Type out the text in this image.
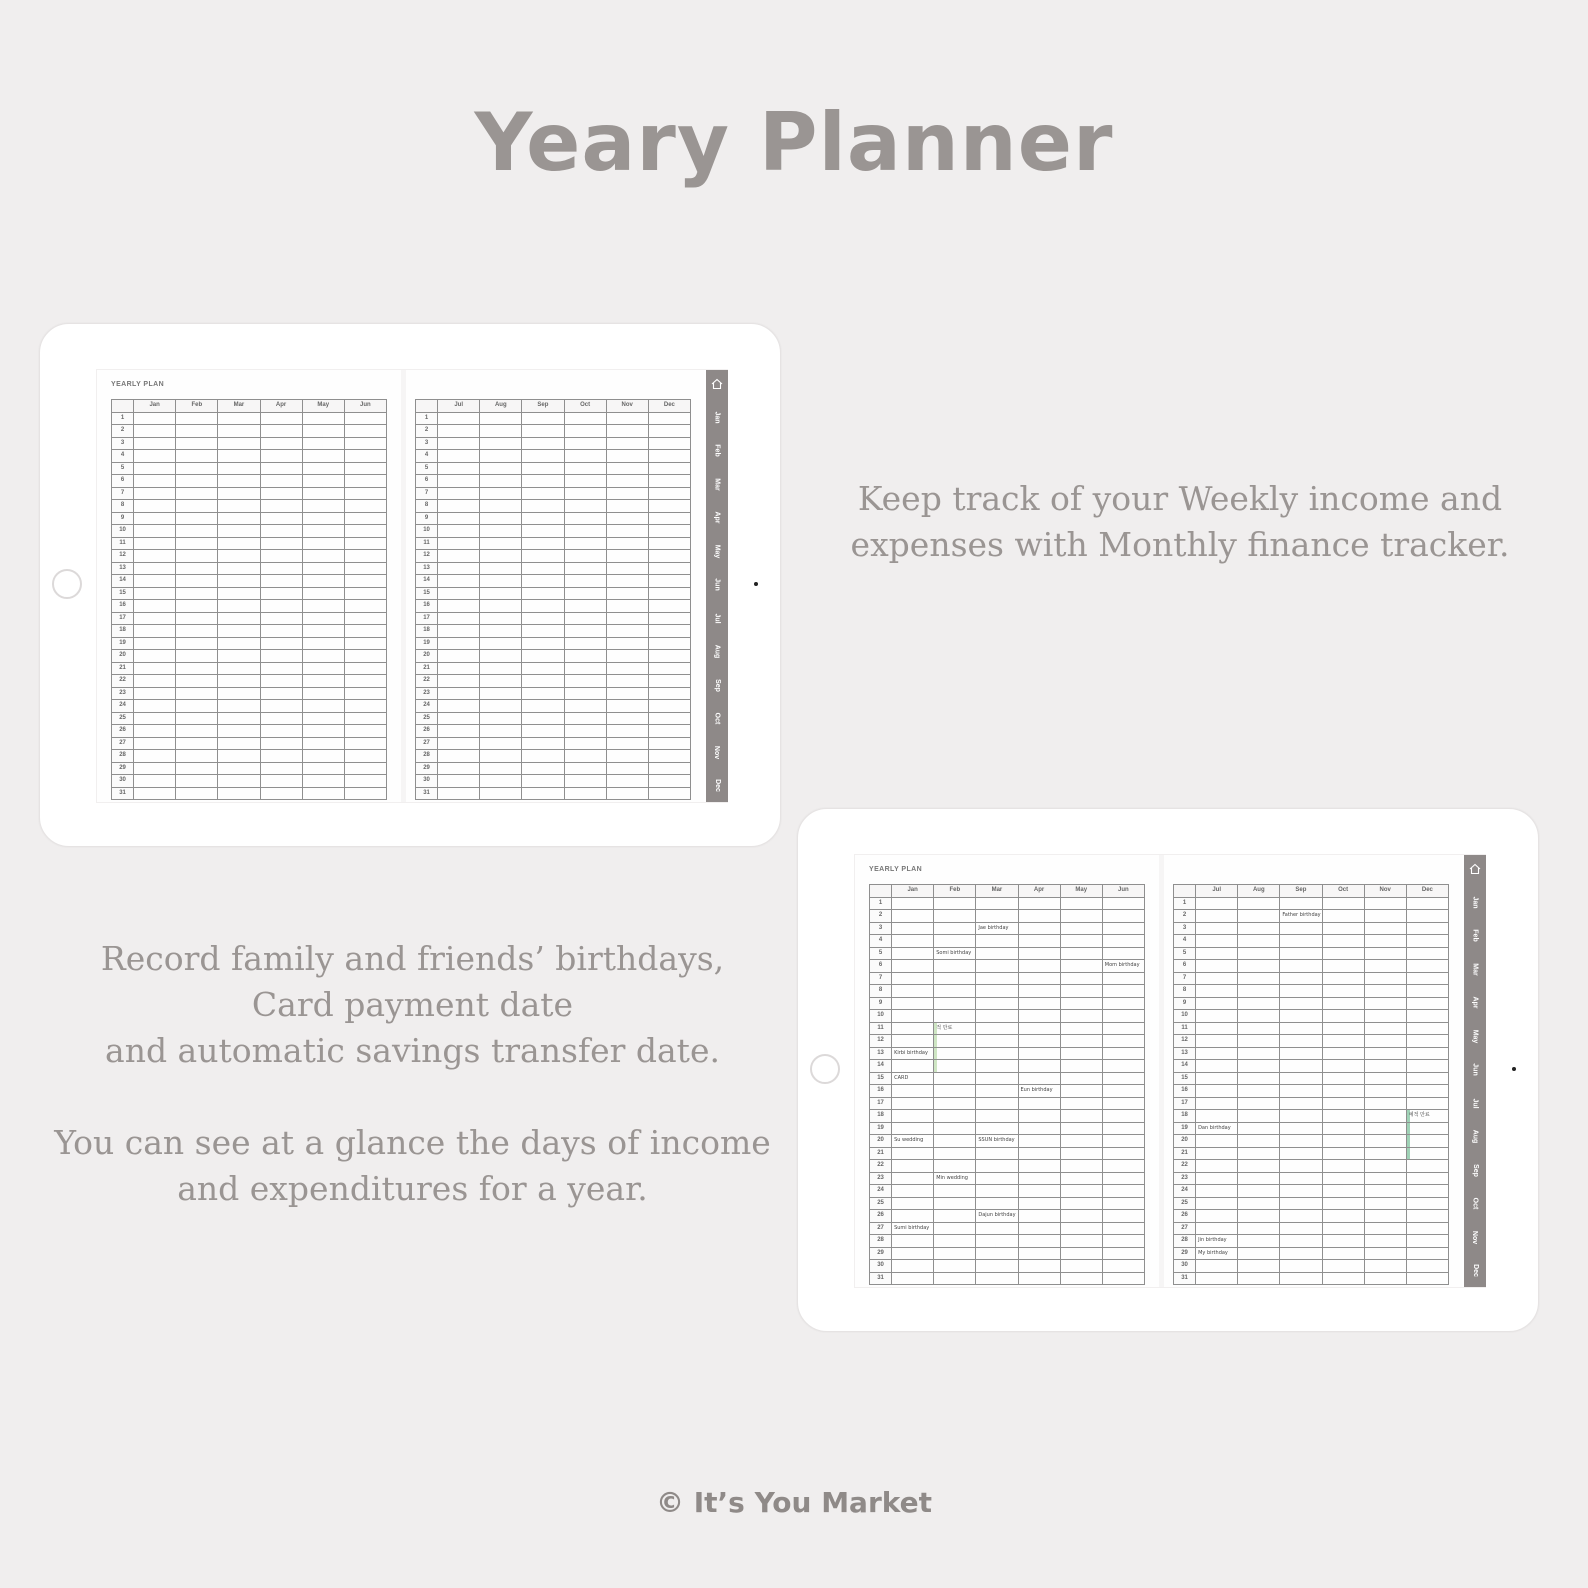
Yeary Planner
YEARLY PLAN
	Jan	Feb	Mar	Apr	May	Jun
1						
2						
3						
4						
5						
6						
7						
8						
9						
10						
11						
12						
13						
14						
15						
16						
17						
18						
19						
20						
21						
22						
23						
24						
25						
26						
27						
28						
29						
30						
31						
	Jul	Aug	Sep	Oct	Nov	Dec
1						
2						
3						
4						
5						
6						
7						
8						
9						
10						
11						
12						
13						
14						
15						
16						
17						
18						
19						
20						
21						
22						
23						
24						
25						
26						
27						
28						
29						
30						
31						
Jan
Feb
Mar
Apr
May
Jun
Jul
Aug
Sep
Oct
Nov
Dec
Keep track of your Weekly income and
expenses with Monthly finance tracker.
YEARLY PLAN
	Jan	Feb	Mar	Apr	May	Jun
1						
2						
3			Jae birthday			
4						
5		Somi birthday				
6						Mom birthday
7						
8						
9						
10						
11		적 만료				
12						
13	Kirbi birthday					
14						
15	CARD					
16				Eun birthday		
17						
18						
19						
20	Su wedding		SSUN birthday			
21						
22						
23		Min wedding				
24						
25						
26			Dajun birthday			
27	Sumi birthday					
28						
29						
30						
31						
	Jul	Aug	Sep	Oct	Nov	Dec
1						
2			Father birthday			
3						
4						
5						
6						
7						
8						
9						
10						
11						
12						
13						
14						
15						
16						
17						
18						예적 만료
19	Dan birthday					
20						
21						
22						
23						
24						
25						
26						
27						
28	Jin birthday					
29	My birthday					
30						
31						
Jan
Feb
Mar
Apr
May
Jun
Jul
Aug
Sep
Oct
Nov
Dec
Record family and friends’ birthdays,
Card payment date
and automatic savings transfer date.

You can see at a glance the days of income
and expenditures for a year.
© It’s You Market
